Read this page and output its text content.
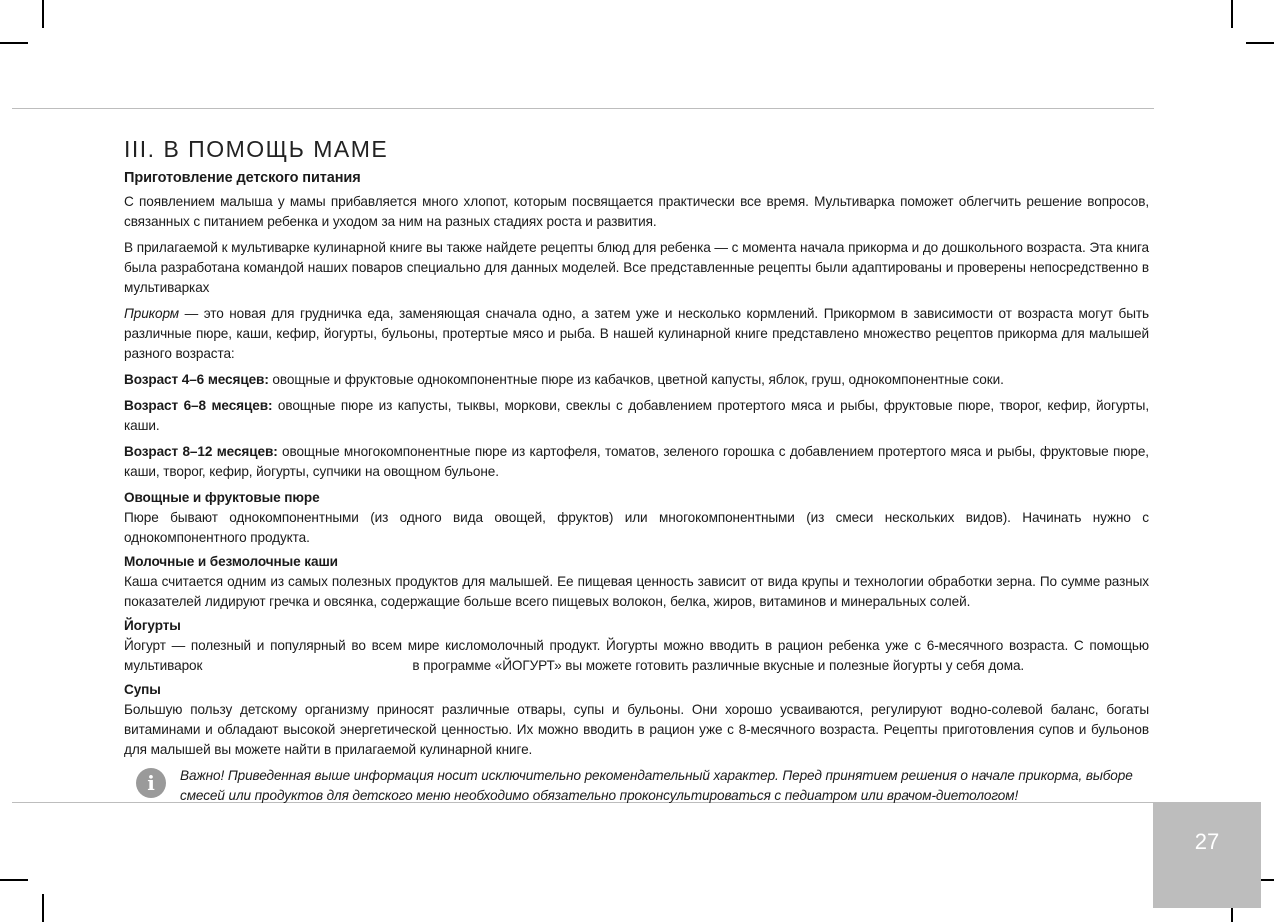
III. В ПОМОЩЬ МАМЕ
Приготовление детского питания

С появлением малыша у мамы прибавляется много хлопот, которым посвящается практически все время. Мультиварка поможет облегчить решение вопросов, связанных с питанием ребенка и уходом за ним на разных стадиях роста и развития.

В прилагаемой к мультиварке кулинарной книге вы также найдете рецепты блюд для ребенка — с момента начала прикорма и до дошкольного возраста. Эта книга была разработана командой наших поваров специально для данных моделей. Все представленные рецепты были адаптированы и проверены непосредственно в мультиварках

Прикорм — это новая для грудничка еда, заменяющая сначала одно, а затем уже и несколько кормлений. Прикормом в зависимости от возраста могут быть различные пюре, каши, кефир, йогурты, бульоны, протертые мясо и рыба. В нашей кулинарной книге представлено множество рецептов прикорма для малышей разного возраста:

Возраст 4–6 месяцев: овощные и фруктовые однокомпонентные пюре из кабачков, цветной капусты, яблок, груш, однокомпонентные соки.

Возраст 6–8 месяцев: овощные пюре из капусты, тыквы, моркови, свеклы с добавлением протертого мяса и рыбы, фруктовые пюре, творог, кефир, йогурты, каши.

Возраст 8–12 месяцев: овощные многокомпонентные пюре из картофеля, томатов, зеленого горошка с добавлением протертого мяса и рыбы, фруктовые пюре, каши, творог, кефир, йогурты, супчики на овощном бульоне.

Овощные и фруктовые пюре

Пюре бывают однокомпонентными (из одного вида овощей, фруктов) или многокомпонентными (из смеси нескольких видов). Начинать нужно с однокомпонентного продукта.

Молочные и безмолочные каши

Каша считается одним из самых полезных продуктов для малышей. Ее пищевая ценность зависит от вида крупы и технологии обработки зерна. По сумме разных показателей лидируют гречка и овсянка, содержащие больше всего пищевых волокон, белка, жиров, витаминов и минеральных солей.

Йогурты

Йогурт — полезный и популярный во всем мире кисломолочный продукт. Йогурты можно вводить в рацион ребенка уже с 6-месячного возраста. С помощью мультиварок	в программе «ЙОГУРТ» вы можете готовить различные вкусные и полезные йогурты у себя дома.

Супы

Большую пользу детскому организму приносят различные отвары, супы и бульоны. Они хорошо усваиваются, регулируют водно-солевой баланс, богаты витаминами и обладают высокой энергетической ценностью. Их можно вводить в рацион уже с 8-месячного возраста. Рецепты приготовления супов и бульонов для малышей вы можете найти в прилагаемой кулинарной книге.

i	Важно! Приведенная выше информация носит исключительно рекомендательный характер. Перед принятием решения о начале прикорма, выборе смесей или продуктов для детского меню необходимо обязательно проконсультироваться с педиатром или врачом-диетологом!
27
